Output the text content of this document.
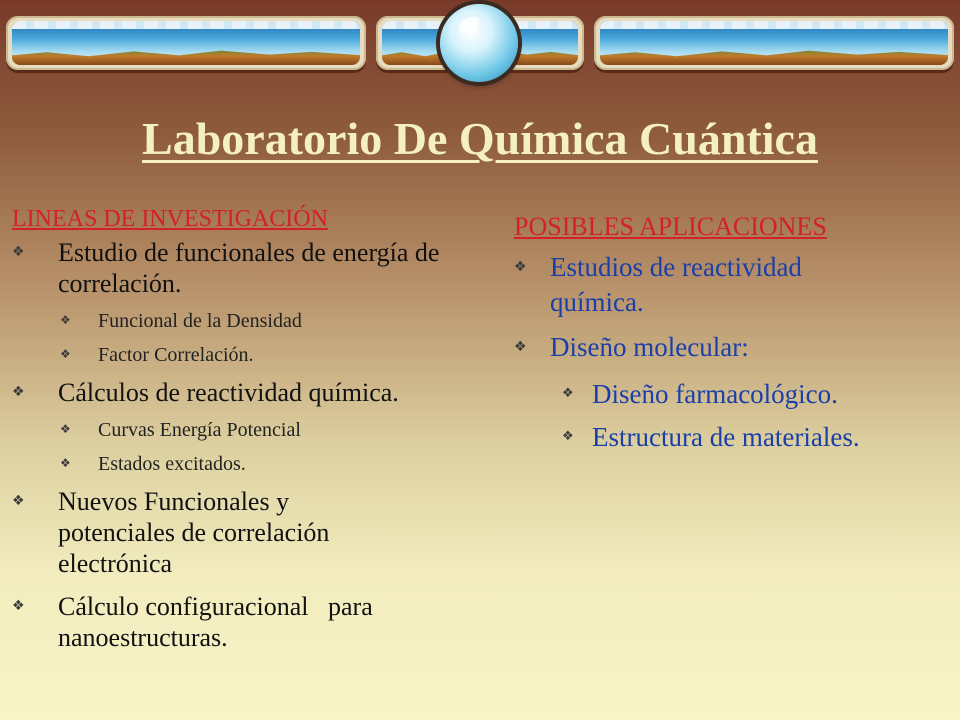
Laboratorio De Química Cuántica
LINEAS DE INVESTIGACIÓN
❖	Estudio de funcionales de energía de correlación.
❖	Funcional de la Densidad
❖	Factor Correlación.
❖	Cálculos de reactividad química.
❖	Curvas Energía Potencial
❖	Estados excitados.
❖	Nuevos Funcionales y potenciales de correlación electrónica
❖	Cálculo configuracional   para nanoestructuras.
POSIBLES APLICACIONES
❖ Estudios de reactividad química.
❖ Diseño molecular:
❖ Diseño farmacológico.
❖ Estructura de materiales.
